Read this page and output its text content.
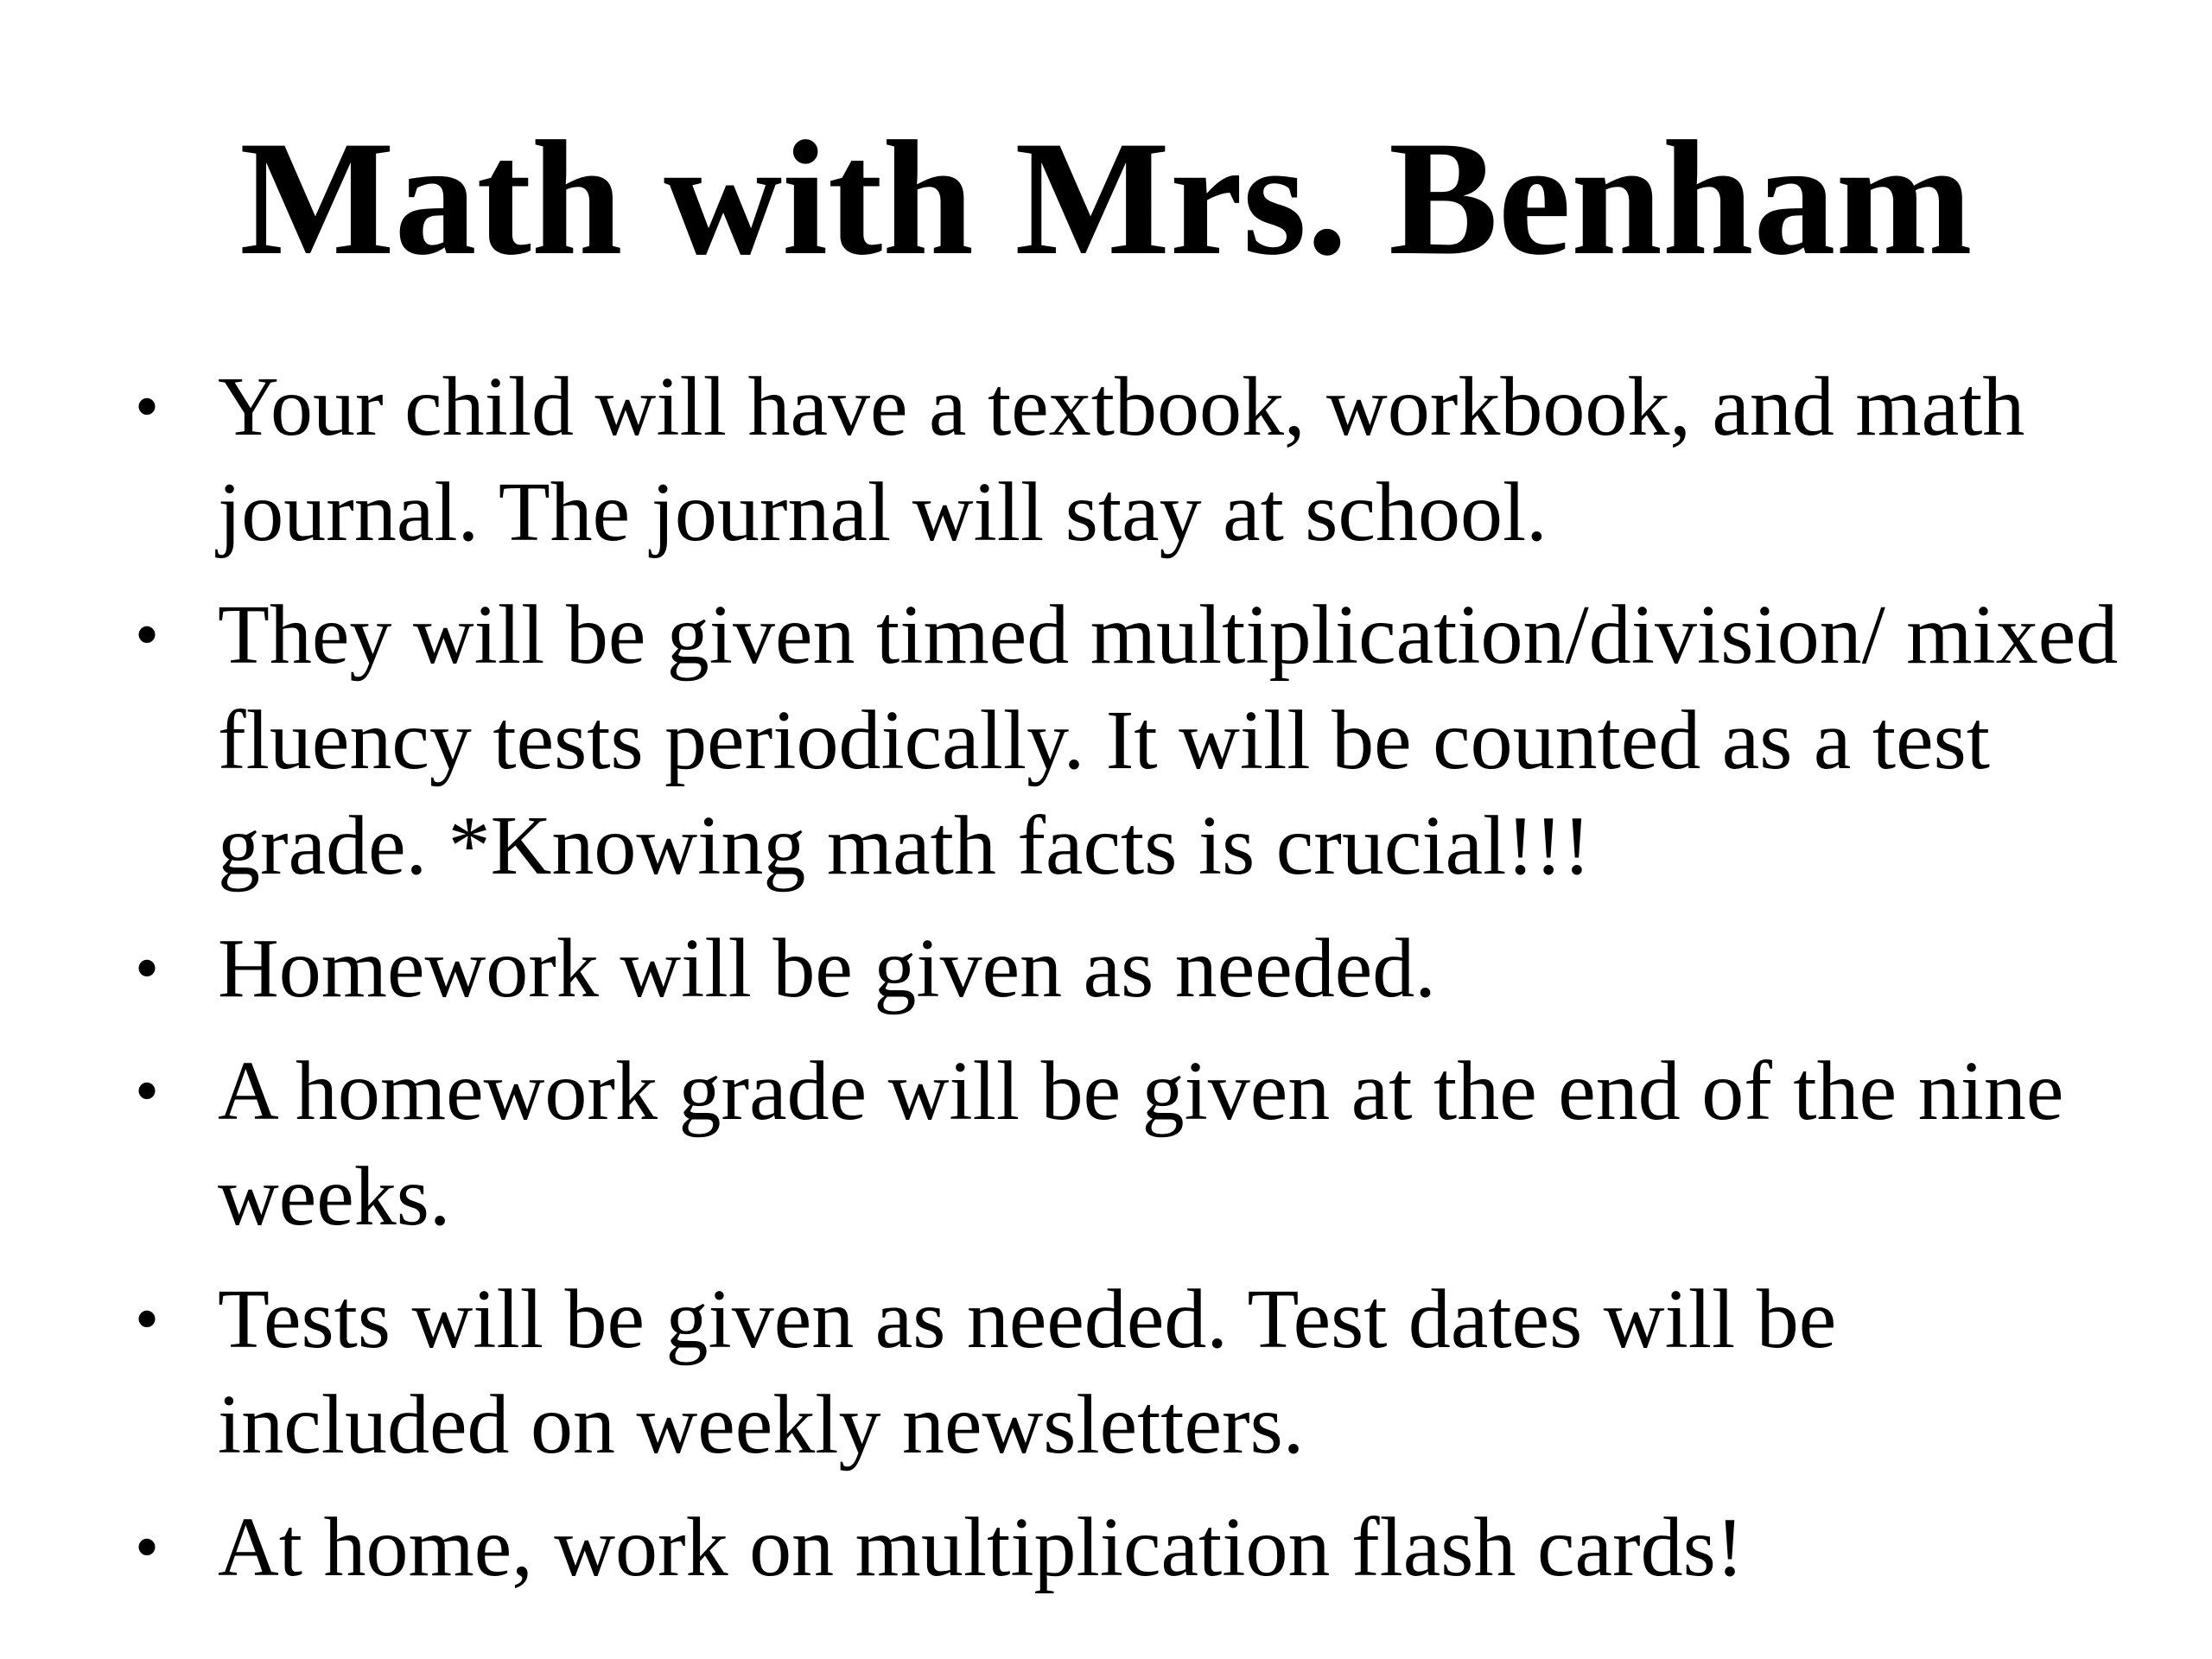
Math with Mrs. Benham
• Your child will have a textbook, workbook, and math journal. The journal will stay at school.
• They will be given timed multiplication/division/ mixed fluency tests periodically. It will be counted as a test grade. *Knowing math facts is crucial!!!
• Homework will be given as needed.
• A homework grade will be given at the end of the nine weeks.
• Tests will be given as needed. Test dates will be included on weekly newsletters.
• At home, work on multiplication flash cards!
